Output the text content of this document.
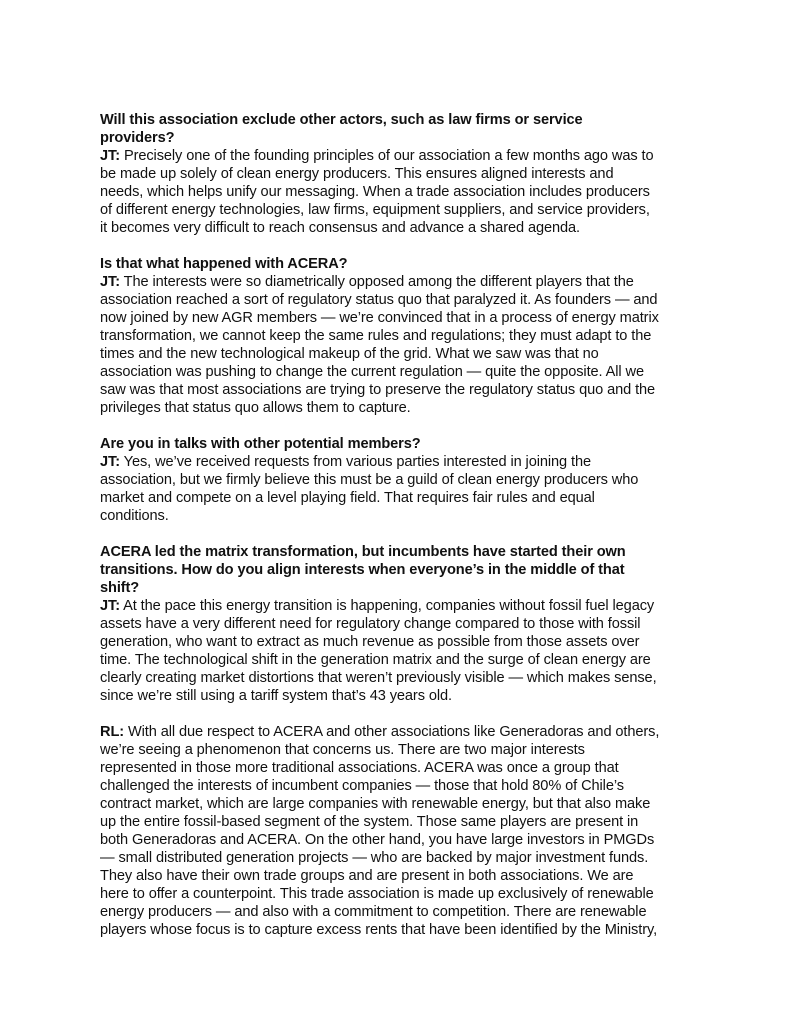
Will this association exclude other actors, such as law firms or service
providers?
JT: Precisely one of the founding principles of our association a few months ago was to
be made up solely of clean energy producers. This ensures aligned interests and
needs, which helps unify our messaging. When a trade association includes producers
of different energy technologies, law firms, equipment suppliers, and service providers,
it becomes very difficult to reach consensus and advance a shared agenda.
Is that what happened with ACERA?
JT: The interests were so diametrically opposed among the different players that the
association reached a sort of regulatory status quo that paralyzed it. As founders — and
now joined by new AGR members — we’re convinced that in a process of energy matrix
transformation, we cannot keep the same rules and regulations; they must adapt to the
times and the new technological makeup of the grid. What we saw was that no
association was pushing to change the current regulation — quite the opposite. All we
saw was that most associations are trying to preserve the regulatory status quo and the
privileges that status quo allows them to capture.
Are you in talks with other potential members?
JT: Yes, we’ve received requests from various parties interested in joining the
association, but we firmly believe this must be a guild of clean energy producers who
market and compete on a level playing field. That requires fair rules and equal
conditions.
ACERA led the matrix transformation, but incumbents have started their own
transitions. How do you align interests when everyone’s in the middle of that
shift?
JT: At the pace this energy transition is happening, companies without fossil fuel legacy
assets have a very different need for regulatory change compared to those with fossil
generation, who want to extract as much revenue as possible from those assets over
time. The technological shift in the generation matrix and the surge of clean energy are
clearly creating market distortions that weren’t previously visible — which makes sense,
since we’re still using a tariff system that’s 43 years old.
RL: With all due respect to ACERA and other associations like Generadoras and others,
we’re seeing a phenomenon that concerns us. There are two major interests
represented in those more traditional associations. ACERA was once a group that
challenged the interests of incumbent companies — those that hold 80% of Chile’s
contract market, which are large companies with renewable energy, but that also make
up the entire fossil-based segment of the system. Those same players are present in
both Generadoras and ACERA. On the other hand, you have large investors in PMGDs
— small distributed generation projects — who are backed by major investment funds.
They also have their own trade groups and are present in both associations. We are
here to offer a counterpoint. This trade association is made up exclusively of renewable
energy producers — and also with a commitment to competition. There are renewable
players whose focus is to capture excess rents that have been identified by the Ministry,
